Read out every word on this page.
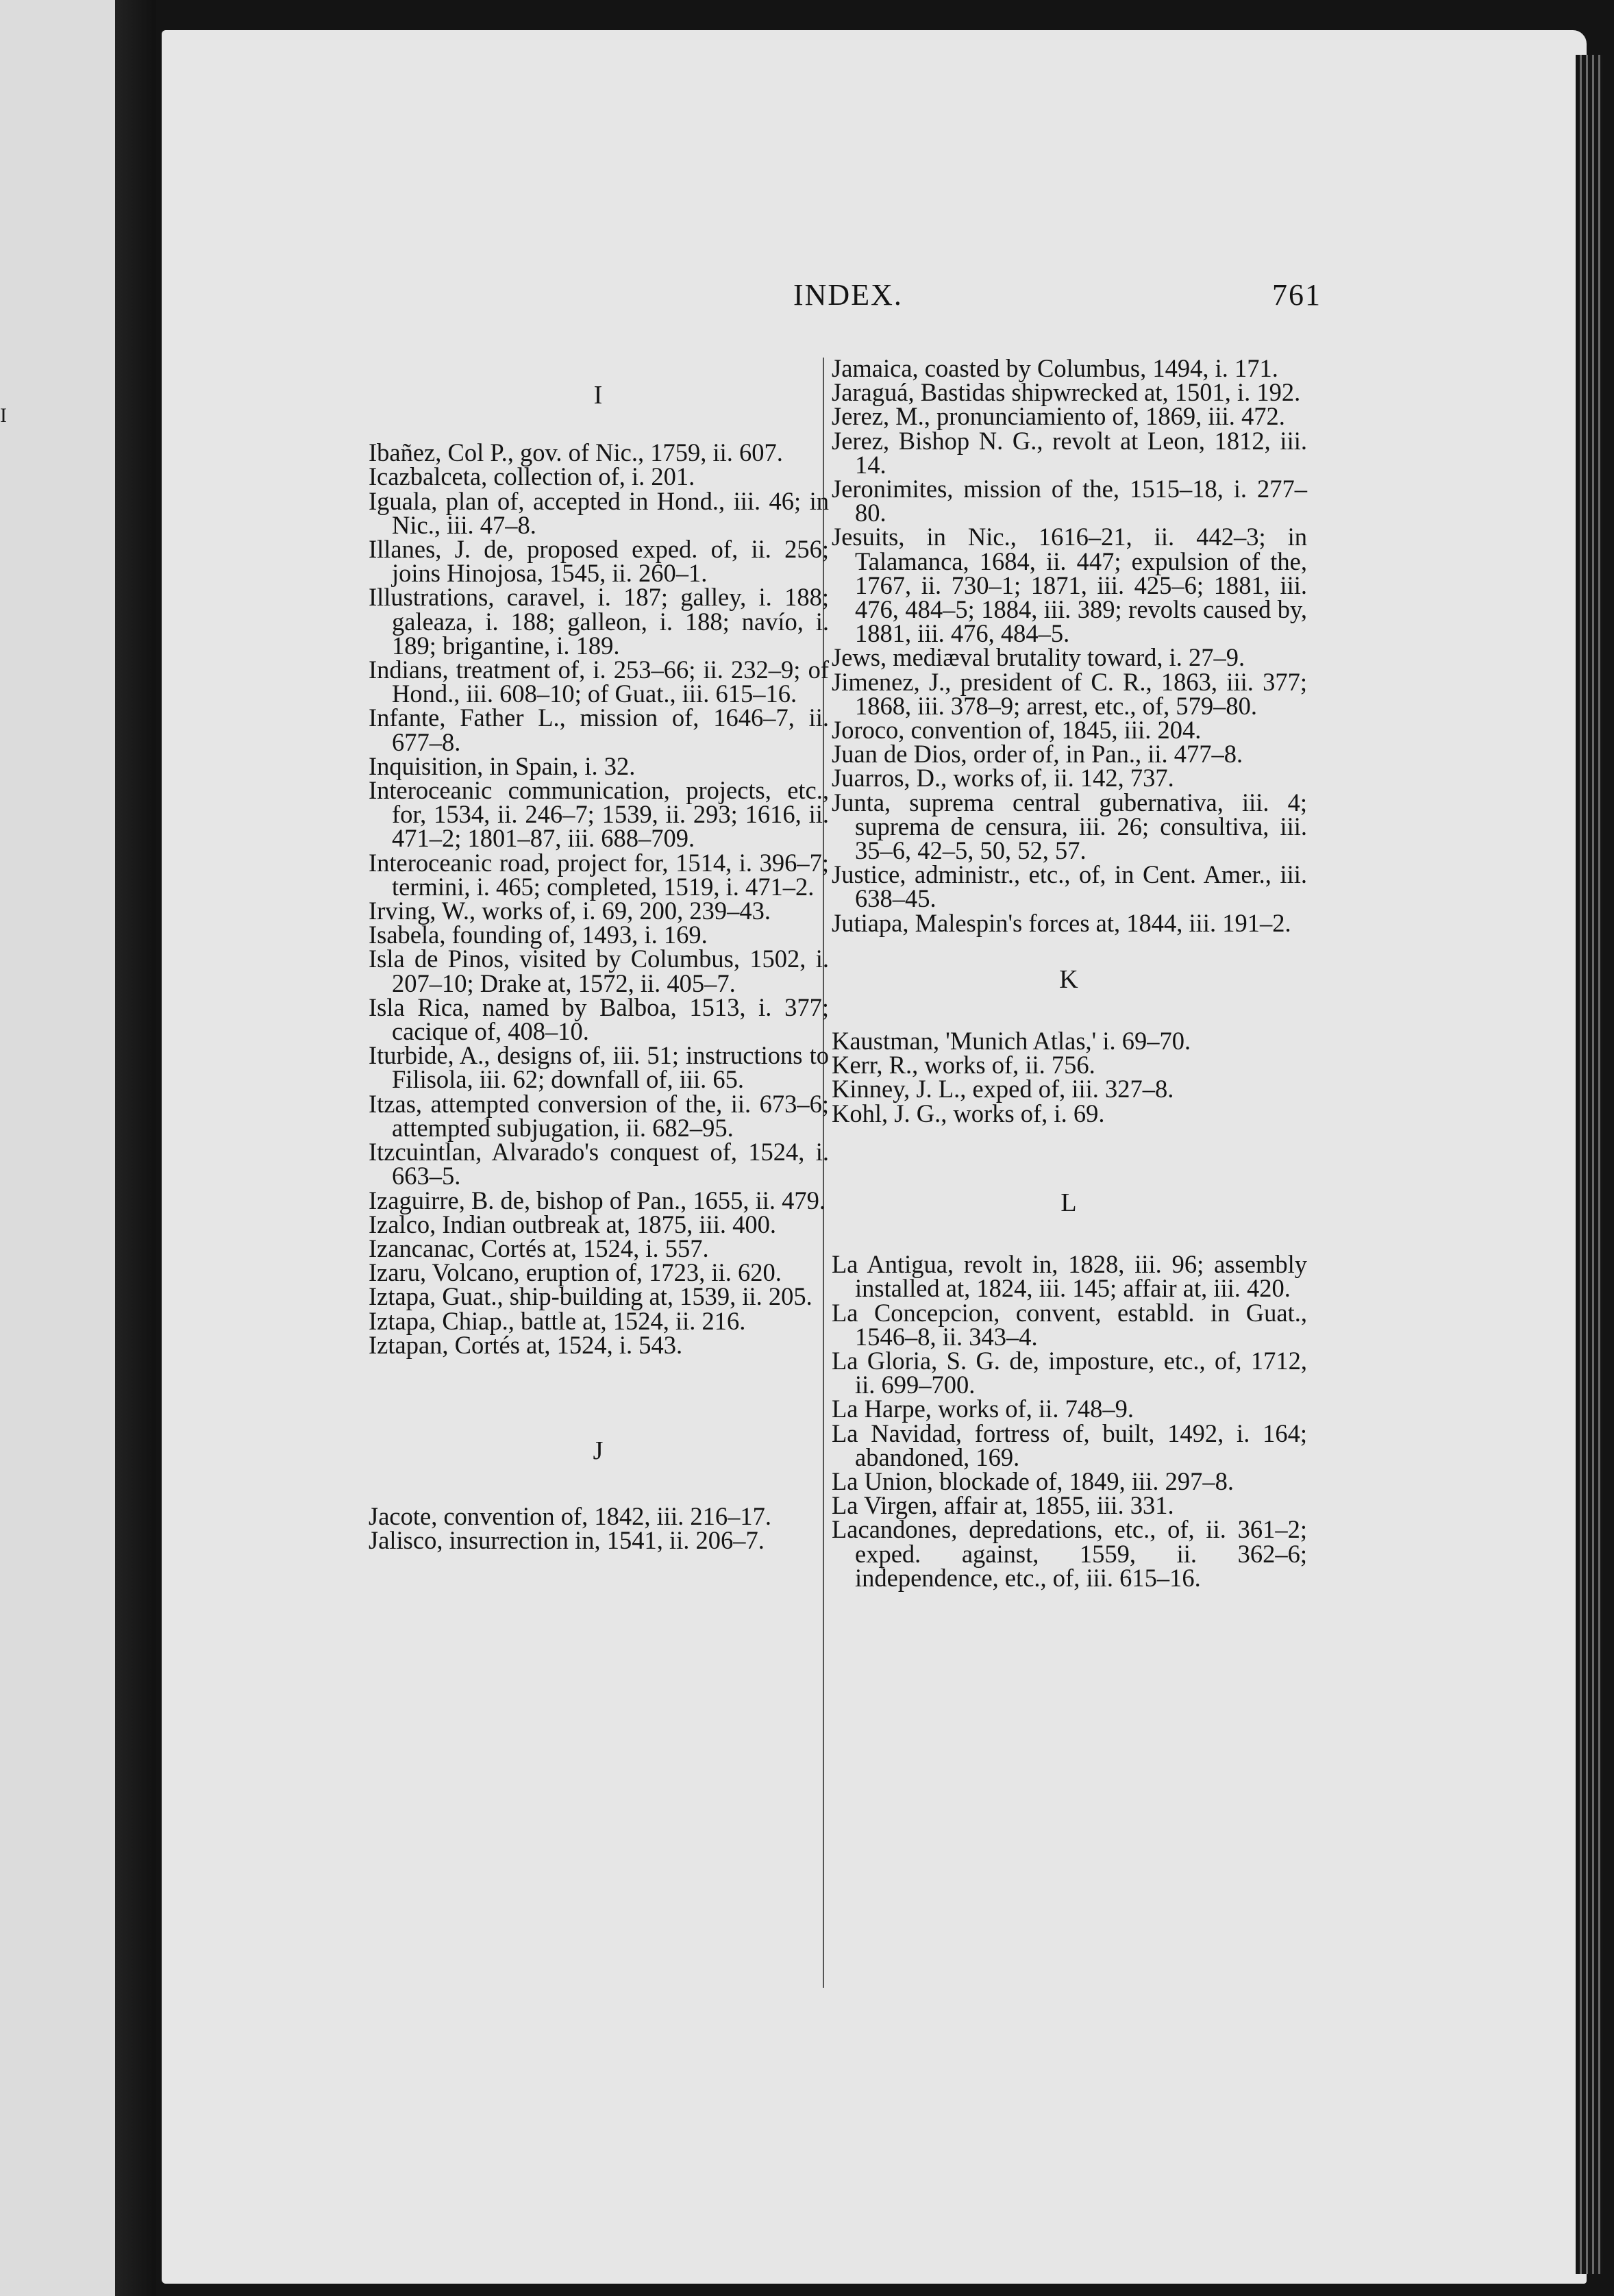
I
INDEX.	761
I
Ibañez, Col P., gov. of Nic., 1759, ii. 607.
Icazbalceta, collection of, i. 201.
Iguala, plan of, accepted in Hond., iii. 46; in Nic., iii. 47–8.
Illanes, J. de, proposed exped. of, ii. 256; joins Hinojosa, 1545, ii. 260–1.
Illustrations, caravel, i. 187; galley, i. 188; galeaza, i. 188; galleon, i. 188; navío, i. 189; brigantine, i. 189.
Indians, treatment of, i. 253–66; ii. 232–9; of Hond., iii. 608–10; of Guat., iii. 615–16.
Infante, Father L., mission of, 1646–7, ii. 677–8.
Inquisition, in Spain, i. 32.
Interoceanic communication, projects, etc., for, 1534, ii. 246–7; 1539, ii. 293; 1616, ii. 471–2; 1801–87, iii. 688–709.
Interoceanic road, project for, 1514, i. 396–7; termini, i. 465; completed, 1519, i. 471–2.
Irving, W., works of, i. 69, 200, 239–43.
Isabela, founding of, 1493, i. 169.
Isla de Pinos, visited by Columbus, 1502, i. 207–10; Drake at, 1572, ii. 405–7.
Isla Rica, named by Balboa, 1513, i. 377; cacique of, 408–10.
Iturbide, A., designs of, iii. 51; instructions to Filisola, iii. 62; downfall of, iii. 65.
Itzas, attempted conversion of the, ii. 673–6; attempted subjugation, ii. 682–95.
Itzcuintlan, Alvarado's conquest of, 1524, i. 663–5.
Izaguirre, B. de, bishop of Pan., 1655, ii. 479.
Izalco, Indian outbreak at, 1875, iii. 400.
Izancanac, Cortés at, 1524, i. 557.
Izaru, Volcano, eruption of, 1723, ii. 620.
Iztapa, Guat., ship-building at, 1539, ii. 205.
Iztapa, Chiap., battle at, 1524, ii. 216.
Iztapan, Cortés at, 1524, i. 543.
J
Jacote, convention of, 1842, iii. 216–17.
Jalisco, insurrection in, 1541, ii. 206–7.
Jamaica, coasted by Columbus, 1494, i. 171.
Jaraguá, Bastidas shipwrecked at, 1501, i. 192.
Jerez, M., pronunciamiento of, 1869, iii. 472.
Jerez, Bishop N. G., revolt at Leon, 1812, iii. 14.
Jeronimites, mission of the, 1515–18, i. 277–80.
Jesuits, in Nic., 1616–21, ii. 442–3; in Talamanca, 1684, ii. 447; expulsion of the, 1767, ii. 730–1; 1871, iii. 425–6; 1881, iii. 476, 484–5; 1884, iii. 389; revolts caused by, 1881, iii. 476, 484–5.
Jews, mediæval brutality toward, i. 27–9.
Jimenez, J., president of C. R., 1863, iii. 377; 1868, iii. 378–9; arrest, etc., of, 579–80.
Joroco, convention of, 1845, iii. 204.
Juan de Dios, order of, in Pan., ii. 477–8.
Juarros, D., works of, ii. 142, 737.
Junta, suprema central gubernativa, iii. 4; suprema de censura, iii. 26; consultiva, iii. 35–6, 42–5, 50, 52, 57.
Justice, administr., etc., of, in Cent. Amer., iii. 638–45.
Jutiapa, Malespin's forces at, 1844, iii. 191–2.
K
Kaustman, 'Munich Atlas,' i. 69–70.
Kerr, R., works of, ii. 756.
Kinney, J. L., exped of, iii. 327–8.
Kohl, J. G., works of, i. 69.
L
La Antigua, revolt in, 1828, iii. 96; assembly installed at, 1824, iii. 145; affair at, iii. 420.
La Concepcion, convent, establd. in Guat., 1546–8, ii. 343–4.
La Gloria, S. G. de, imposture, etc., of, 1712, ii. 699–700.
La Harpe, works of, ii. 748–9.
La Navidad, fortress of, built, 1492, i. 164; abandoned, 169.
La Union, blockade of, 1849, iii. 297–8.
La Virgen, affair at, 1855, iii. 331.
Lacandones, depredations, etc., of, ii. 361–2; exped. against, 1559, ii. 362–6; independence, etc., of, iii. 615–16.
